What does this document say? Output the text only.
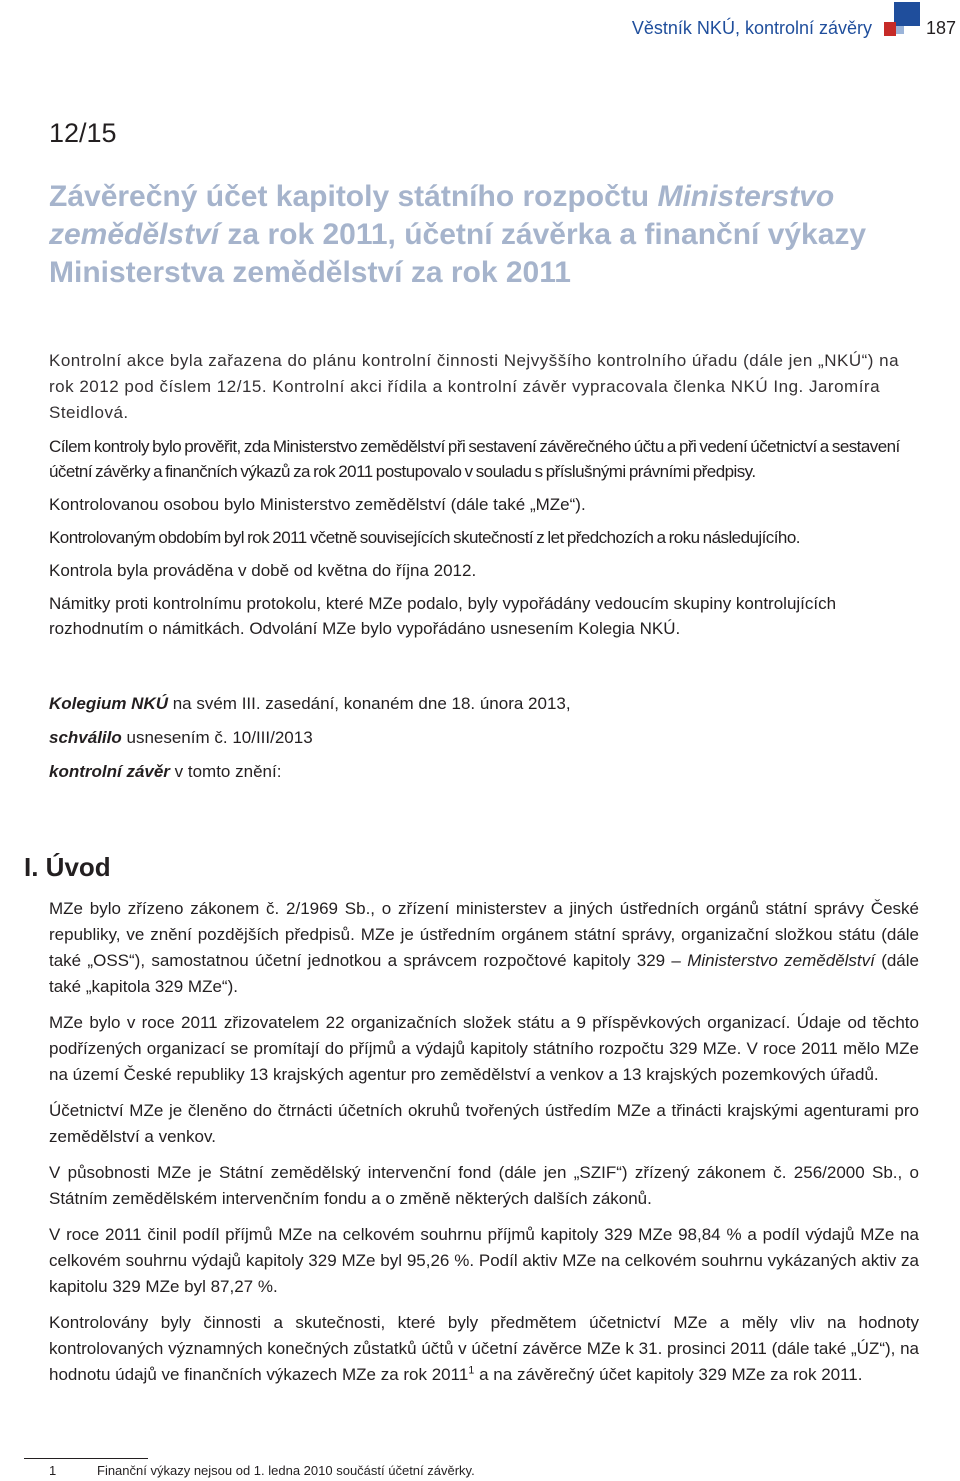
Věstník NKÚ, kontrolní závěry	187
12/15
Závěrečný účet kapitoly státního rozpočtu Ministerstvo zemědělství za rok 2011, účetní závěrka a finanční výkazy Ministerstva zemědělství za rok 2011

Kontrolní akce byla zařazena do plánu kontrolní činnosti Nejvyššího kontrolního úřadu (dále jen „NKÚ“) na rok 2012 pod číslem 12/15. Kontrolní akci řídila a kontrolní závěr vypracovala členka NKÚ Ing. Jaromíra Steidlová.

Cílem kontroly bylo prověřit, zda Ministerstvo zemědělství při sestavení závěrečného účtu a při vedení účetnictví a sestavení účetní závěrky a finančních výkazů za rok 2011 postupovalo v souladu s příslušnými právními předpisy.

Kontrolovanou osobou bylo Ministerstvo zemědělství (dále také „MZe“).

Kontrolovaným obdobím byl rok 2011 včetně souvisejících skutečností z let předchozích a roku následujícího.

Kontrola byla prováděna v době od května do října 2012.

Námitky proti kontrolnímu protokolu, které MZe podalo, byly vypořádány vedoucím skupiny kontrolujících rozhodnutím o námitkách. Odvolání MZe bylo vypořádáno usnesením Kolegia NKÚ.

Kolegium NKÚ na svém III. zasedání, konaném dne 18. února 2013,

schválilo usnesením č. 10/III/2013

kontrolní závěr v tomto znění:

I. Úvod

MZe bylo zřízeno zákonem č. 2/1969 Sb., o zřízení ministerstev a jiných ústředních orgánů státní správy České republiky, ve znění pozdějších předpisů. MZe je ústředním orgánem státní správy, organizační složkou státu (dále také „OSS“), samostatnou účetní jednotkou a správcem rozpočtové kapitoly 329 – Ministerstvo zemědělství (dále také „kapitola 329 MZe“).

MZe bylo v roce 2011 zřizovatelem 22 organizačních složek státu a 9 příspěvkových organizací. Údaje od těchto podřízených organizací se promítají do příjmů a výdajů kapitoly státního rozpočtu 329 MZe. V roce 2011 mělo MZe na území České republiky 13 krajských agentur pro zemědělství a venkov a 13 krajských pozemkových úřadů.

Účetnictví MZe je členěno do čtrnácti účetních okruhů tvořených ústředím MZe a třinácti krajskými agenturami pro zemědělství a venkov.

V působnosti MZe je Státní zemědělský intervenční fond (dále jen „SZIF“) zřízený zákonem č. 256/2000 Sb., o Státním zemědělském intervenčním fondu a o změně některých dalších zákonů.

V roce 2011 činil podíl příjmů MZe na celkovém souhrnu příjmů kapitoly 329 MZe 98,84 % a podíl výdajů MZe na celkovém souhrnu výdajů kapitoly 329 MZe byl 95,26 %. Podíl aktiv MZe na celkovém souhrnu vykázaných aktiv za kapitolu 329 MZe byl 87,27 %.

Kontrolovány byly činnosti a skutečnosti, které byly předmětem účetnictví MZe a měly vliv na hodnoty kontrolovaných významných konečných zůstatků účtů v účetní závěrce MZe k 31. prosinci 2011 (dále také „ÚZ“), na hodnotu údajů ve finančních výkazech MZe za rok 2011$^1$ a na závěrečný účet kapitoly 329 MZe za rok 2011.

1	Finanční výkazy nejsou od 1. ledna 2010 součástí účetní závěrky.
